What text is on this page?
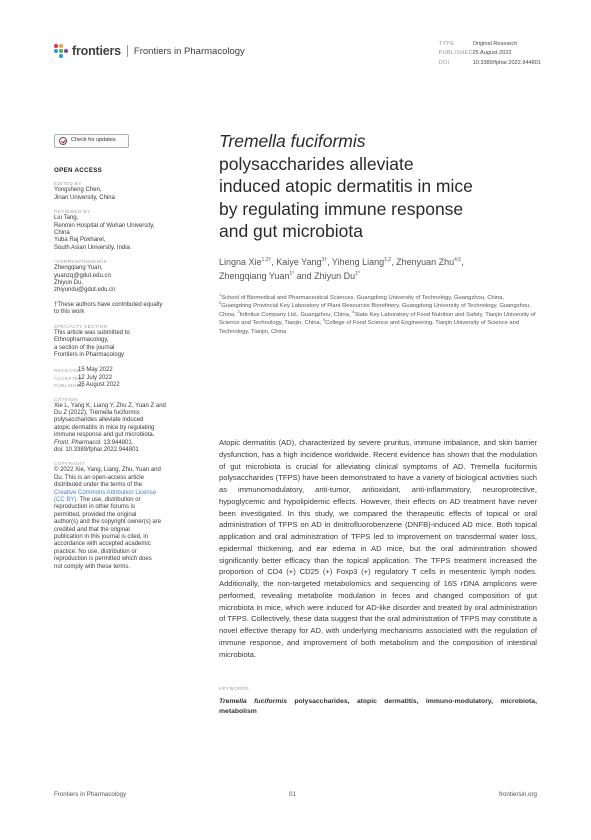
frontiers Frontiers in Pharmacology
TYPE	Original Research
PUBLISHED25 August 2022
DOI	10.3389/fphar.2022.944801
Check for updates
OPEN ACCESS
EDITED BY
Yongsheng Chen,
Jinan University, China
REVIEWED BY
Liu Tang,
Renmin Hospital of Wuhan University,
China
Yuba Raj Pokharel,
South Asian University, India
*CORRESPONDENCE
Zhengqiang Yuan,
yuanzq@gdut.edu.cn
Zhiyun Du,
zhiyundu@gdut.edu.cn
†These authors have contributed equally
to this work
SPECIALTY SECTION
This article was submitted to
Ethnopharmacology,
a section of the journal
Frontiers in Pharmacology
RECEIVED
15 May 2022
ACCEPTED
12 July 2022
PUBLISHED
25 August 2022
CITATION
Xie L, Yang K, Liang Y, Zhu Z, Yuan Z and
Du Z (2022), Tremella fuciformis
polysaccharides alleviate induced
atopic dermatitis in mice by regulating
immune response and gut microbiota.
Front. Pharmacol. 13:944801.
doi: 10.3389/fphar.2022.944801
COPYRIGHT
© 2022 Xie, Yang, Liang, Zhu, Yuan and
Du. This is an open-access article
distributed under the terms of the
Creative Commons Attribution License
(CC BY). The use, distribution or
reproduction in other forums is
permitted, provided the original
author(s) and the copyright owner(s) are
credited and that the original
publication in this journal is cited, in
accordance with accepted academic
practice. No use, distribution or
reproduction is permitted which does
not comply with these terms.
Tremella fuciformis
polysaccharides alleviate
induced atopic dermatitis in mice
by regulating immune response
and gut microbiota
Lingna Xie$^{1,2\dagger}$, Kaiye Yang$^{3\dagger}$, Yiheng Liang$^{1,2}$, Zhenyuan Zhu$^{4,5}$,
Zhengqiang Yuan$^{1*}$ and Zhiyun $Du^{1*}$
$^1$School of Biomedical and Pharmaceutical Sciences, Guangdong University of Technology, Guangzhou, China, $^2$Guangdong Provincial Key Laboratory of Plant Resources Biorefinery, Guangdong University of Technology, Guangzhou, China, $^3$Infinitus Company Ltd., Guangzhou, China, $^4$State Key Laboratory of Food Nutrition and Safety, Tianjin University of Science and Technology, Tianjin, China, $^5$College of Food Science and Engineering, Tianjin University of Science and Technology, Tianjin, China
Atopic dermatitis (AD), characterized by severe pruritus, immune imbalance, and skin barrier dysfunction, has a high incidence worldwide. Recent evidence has shown that the modulation of gut microbiota is crucial for alleviating clinical symptoms of AD. Tremella fuciformis polysaccharides (TFPS) have been demonstrated to have a variety of biological activities such as immunomodulatory, anti-tumor, antioxidant, anti-inflammatory, neuroprotective, hypoglycemic and hypolipidemic effects. However, their effects on AD treatment have never been investigated. In this study, we compared the therapeutic effects of topical or oral administration of TFPS on AD in dinitrofluorobenzene (DNFB)-induced AD mice. Both topical application and oral administration of TFPS led to improvement on transdermal water loss, epidermal thickening, and ear edema in AD mice, but the oral administration showed significantly better efficacy than the topical application. The TFPS treatment increased the proportion of CD4 (+) CD25 (+) Foxp3 (+) regulatory T cells in mesenteric lymph nodes. Additionally, the non-targeted metabolomics and sequencing of 16S rDNA amplicons were performed, revealing metabolite modulation in feces and changed composition of gut microbiota in mice, which were induced for AD-like disorder and treated by oral administration of TFPS. Collectively, these data suggest that the oral administration of TFPS may constitute a novel effective therapy for AD, with underlying mechanisms associated with the regulation of immune response, and improvement of both metabolism and the composition of intestinal microbiota.
KEYWORDS
Tremella fuciformis polysaccharides, atopic dermatitis, immuno-modulatory, microbiota, metabolism
Frontiers in Pharmacology	01	frontiersin.org
